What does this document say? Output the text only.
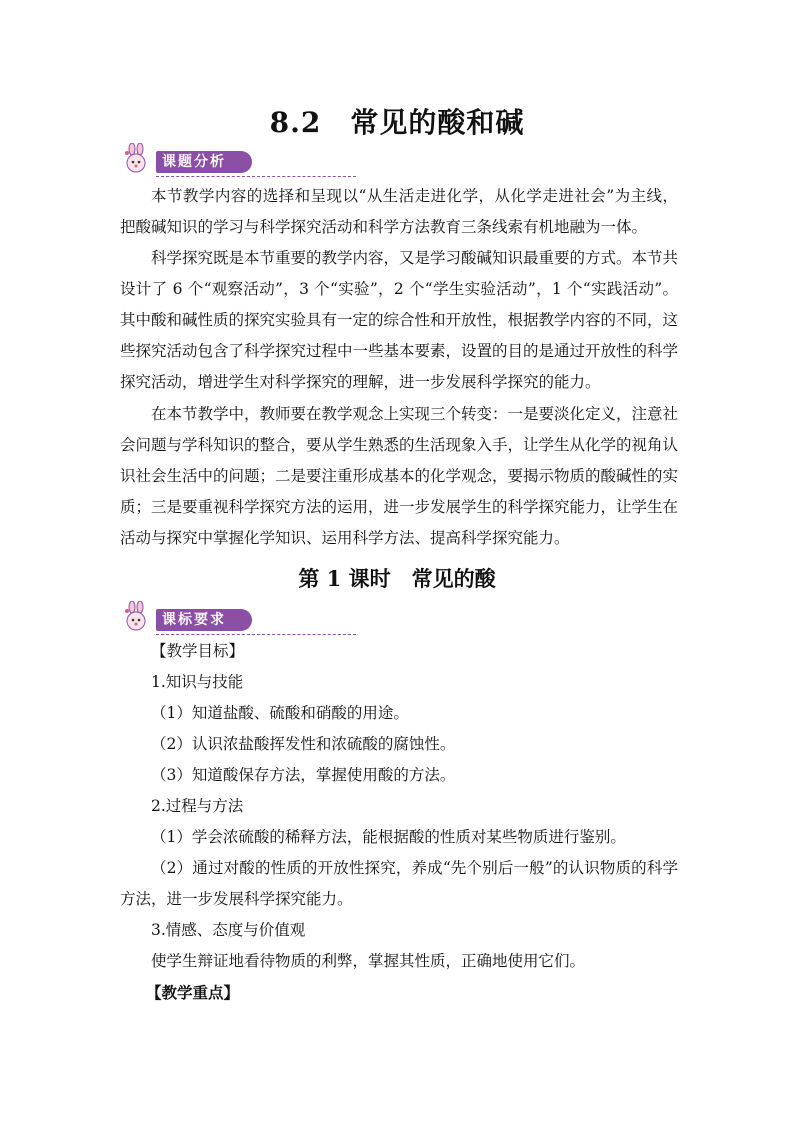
8.2　常见的酸和碱
课题分析

本节教学内容的选择和呈现以“从生活走进化学，从化学走进社会”为主线，把酸碱知识的学习与科学探究活动和科学方法教育三条线索有机地融为一体。

科学探究既是本节重要的教学内容，又是学习酸碱知识最重要的方式。本节共设计了 6 个“观察活动”，3 个“实验”，2 个“学生实验活动”，1 个“实践活动”。其中酸和碱性质的探究实验具有一定的综合性和开放性，根据教学内容的不同，这些探究活动包含了科学探究过程中一些基本要素，设置的目的是通过开放性的科学探究活动，增进学生对科学探究的理解，进一步发展科学探究的能力。

在本节教学中，教师要在教学观念上实现三个转变：一是要淡化定义，注意社会问题与学科知识的整合，要从学生熟悉的生活现象入手，让学生从化学的视角认识社会生活中的问题；二是要注重形成基本的化学观念，要揭示物质的酸碱性的实质；三是要重视科学探究方法的运用，进一步发展学生的科学探究能力，让学生在活动与探究中掌握化学知识、运用科学方法、提高科学探究能力。

第 1 课时　常见的酸
课标要求

【教学目标】

1.知识与技能

（1）知道盐酸、硫酸和硝酸的用途。

（2）认识浓盐酸挥发性和浓硫酸的腐蚀性。

（3）知道酸保存方法，掌握使用酸的方法。

2.过程与方法

（1）学会浓硫酸的稀释方法，能根据酸的性质对某些物质进行鉴别。

（2）通过对酸的性质的开放性探究，养成“先个别后一般”的认识物质的科学方法，进一步发展科学探究能力。

3.情感、态度与价值观

使学生辩证地看待物质的利弊，掌握其性质，正确地使用它们。

【教学重点】
